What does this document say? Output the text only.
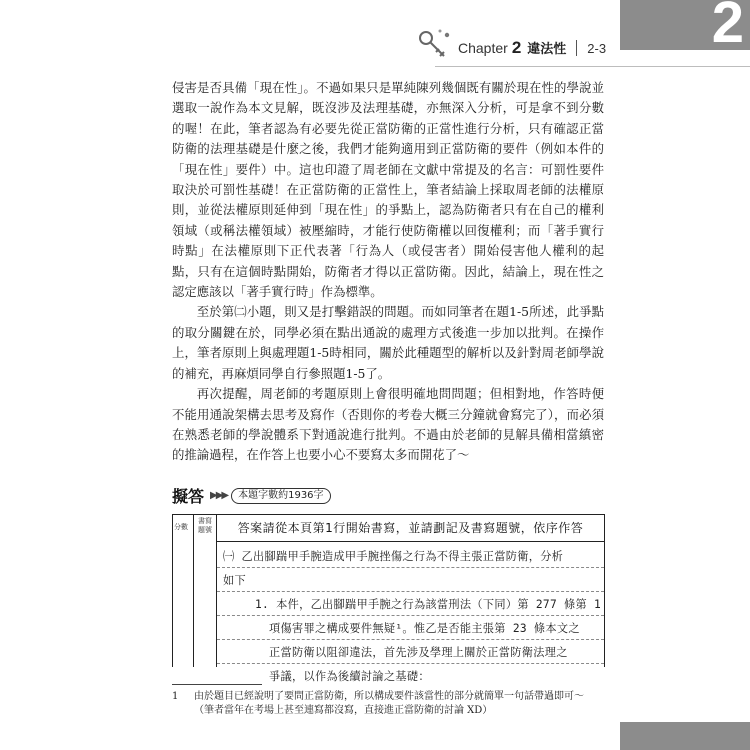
Chapter 2 違法性 2-3 2

侵害是否具備「現在性」。不過如果只是單純陳列幾個既有關於現在性的學說並選取一說作為本文見解，既沒涉及法理基礎，亦無深入分析，可是拿不到分數的喔！在此，筆者認為有必要先從正當防衛的正當性進行分析，只有確認正當防衛的法理基礎是什麼之後，我們才能夠適用到正當防衛的要件（例如本件的「現在性」要件）中。這也印證了周老師在文獻中常提及的名言：可罰性要件取決於可罰性基礎！在正當防衛的正當性上，筆者結論上採取周老師的法權原則，並從法權原則延伸到「現在性」的爭點上，認為防衛者只有在自己的權利領域（或稱法權領域）被壓縮時，才能行使防衛權以回復權利；而「著手實行時點」在法權原則下正代表著「行為人（或侵害者）開始侵害他人權利的起點，只有在這個時點開始，防衛者才得以正當防衛。因此，結論上，現在性之認定應該以「著手實行時」作為標準。

至於第㈡小題，則又是打擊錯誤的問題。而如同筆者在題1-5所述，此爭點的取分關鍵在於，同學必須在點出通說的處理方式後進一步加以批判。在操作上，筆者原則上與處理題1-5時相同，關於此種題型的解析以及針對周老師學說的補充，再麻煩同學自行參照題1-5了。

再次提醒，周老師的考題原則上會很明確地問問題；但相對地，作答時便不能用通說架構去思考及寫作（否則你的考卷大概三分鐘就會寫完了），而必須在熟悉老師的學說體系下對通說進行批判。不過由於老師的見解具備相當縝密的推論過程，在作答上也要小心不要寫太多而開花了～

擬答 ▶▶▶	本題字數約1936字
分數
書寫題號	答案請從本頁第1行開始書寫，並請劃記及書寫題號，依序作答
㈠ 乙出腳踹甲手腕造成甲手腕挫傷之行為不得主張正當防衛，分析
如下
1. 本件，乙出腳踹甲手腕之行為該當刑法（下同）第 277 條第 1
項傷害罪之構成要件無疑¹。惟乙是否能主張第 23 條本文之
正當防衛以阻卻違法，首先涉及學理上關於正當防衛法理之
爭議，以作為後續討論之基礎：
1	由於題目已經說明了要問正當防衛，所以構成要件該當性的部分就簡單一句話帶過即可～
（筆者當年在考場上甚至連寫都沒寫，直接進正當防衛的討論 XD）
